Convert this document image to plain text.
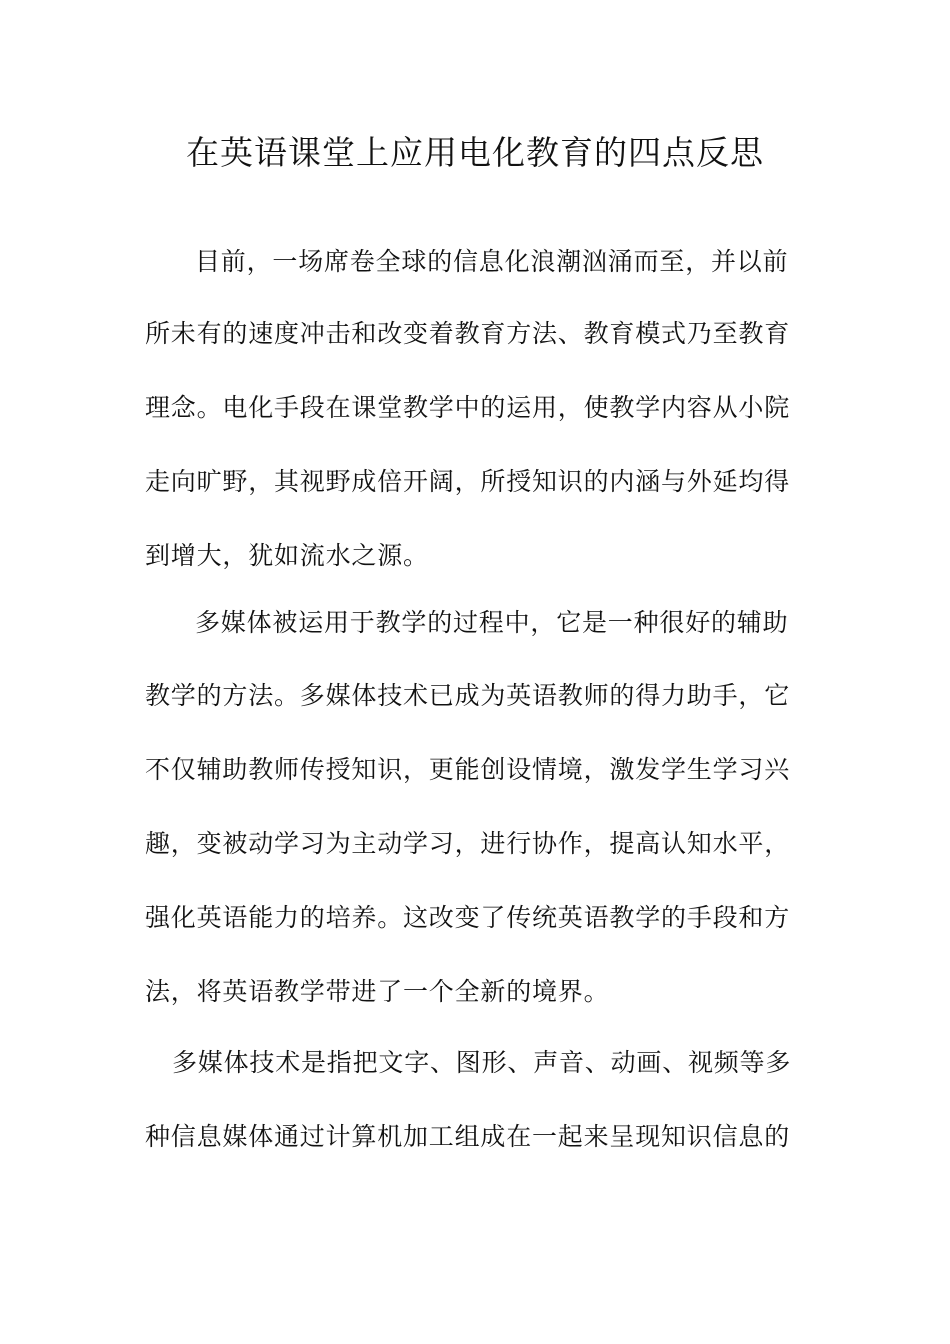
在英语课堂上应用电化教育的四点反思
目前，一场席卷全球的信息化浪潮汹涌而至，并以前
所未有的速度冲击和改变着教育方法、教育模式乃至教育
理念。电化手段在课堂教学中的运用，使教学内容从小院
走向旷野，其视野成倍开阔，所授知识的内涵与外延均得
到增大，犹如流水之源。
多媒体被运用于教学的过程中，它是一种很好的辅助
教学的方法。多媒体技术已成为英语教师的得力助手，它
不仅辅助教师传授知识，更能创设情境，激发学生学习兴
趣，变被动学习为主动学习，进行协作，提高认知水平，
强化英语能力的培养。这改变了传统英语教学的手段和方
法，将英语教学带进了一个全新的境界。
多媒体技术是指把文字、图形、声音、动画、视频等多
种信息媒体通过计算机加工组成在一起来呈现知识信息的
